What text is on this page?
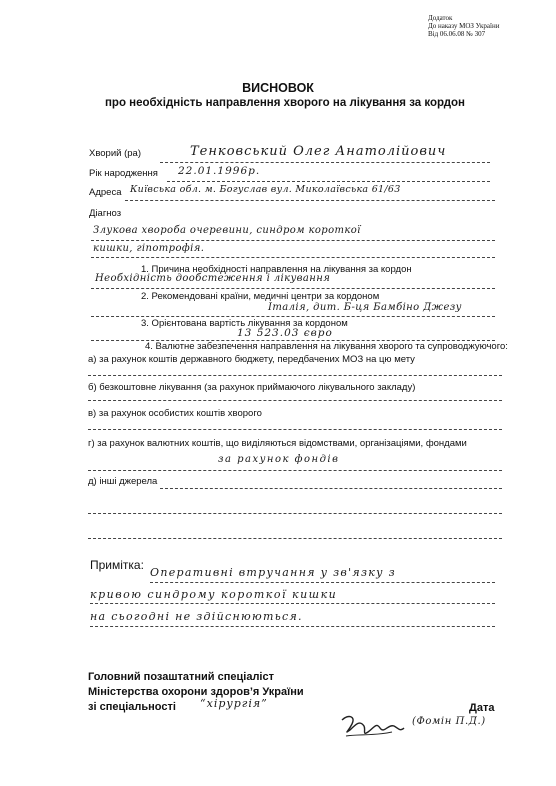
Додаток
До наказу МОЗ України
Від 06.06.08 № 307
ВИСНОВОК
про необхідність направлення хворого на лікування за кордон
Хворий (ра)	Тенковський Олег Анатолійович
Рік народження 22.01.1996р.
Адреса Київська обл. м. Богуслав вул. Миколаївська 61/63
Діагноз
Злукова хвороба очеревини, синдром короткої
кишки, гіпотрофія.
1. Причина необхідності направлення на лікування за кордон
Необхідність дообстеження і лікування
2. Рекомендовані країни, медичні центри за кордоном
Італія, дит. Б-ця Бамбіно Джезу
3. Орієнтована вартість лікування за кордоном
13 523.03 євро
4. Валютне забезпечення направлення на лікування хворого та супроводжуючого:
а) за рахунок коштів державного бюджету, передбачених МОЗ на цю мету
б) безкоштовне лікування (за рахунок приймаючого лікувального закладу)
в) за рахунок особистих коштів хворого
г) за рахунок валютних коштів, що виділяються відомствами, організаціями, фондами
за рахунок фондів
д) інші джерела
Примітка:
Оперативні втручання у зв'язку з
кривою синдрому короткої кишки
на сьогодні не здійснюються.
Головний позаштатний спеціаліст
Міністерства охорони здоров’я України
зі спеціальності	“хірургія”	Дата
(Фомін П.Д.)
